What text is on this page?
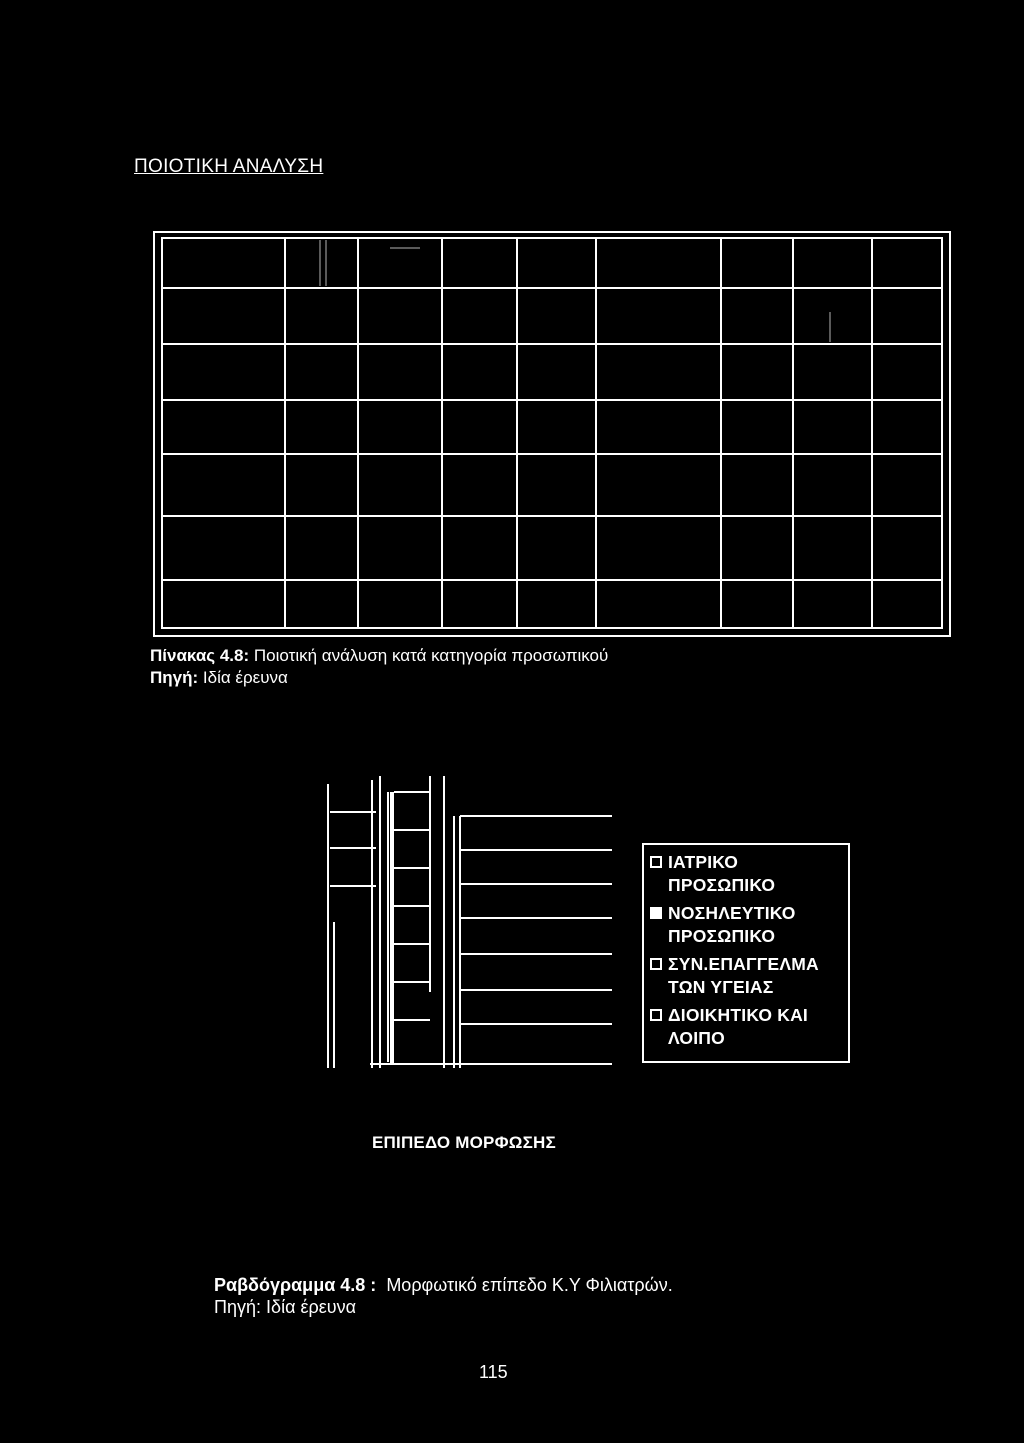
ΠΟΙΟΤΙΚΗ ΑΝΑΛΥΣΗ
Πίνακας 4.8: Ποιοτική ανάλυση κατά κατηγορία προσωπικού
Πηγή: Ιδία έρευνα
ΙΑΤΡΙΚΟ
ΠΡΟΣΩΠΙΚΟ
ΝΟΣΗΛΕΥΤΙΚΟ
ΠΡΟΣΩΠΙΚΟ
ΣΥΝ.ΕΠΑΓΓΕΛΜΑ
ΤΩΝ ΥΓΕΙΑΣ
ΔΙΟΙΚΗΤΙΚΟ ΚΑΙ
ΛΟΙΠΟ
ΕΠΙΠΕΔΟ ΜΟΡΦΩΣΗΣ
Ραβδόγραμμα 4.8 : Μορφωτικό επίπεδο Κ.Υ Φιλιατρών.
Πηγή: Ιδία έρευνα
115
